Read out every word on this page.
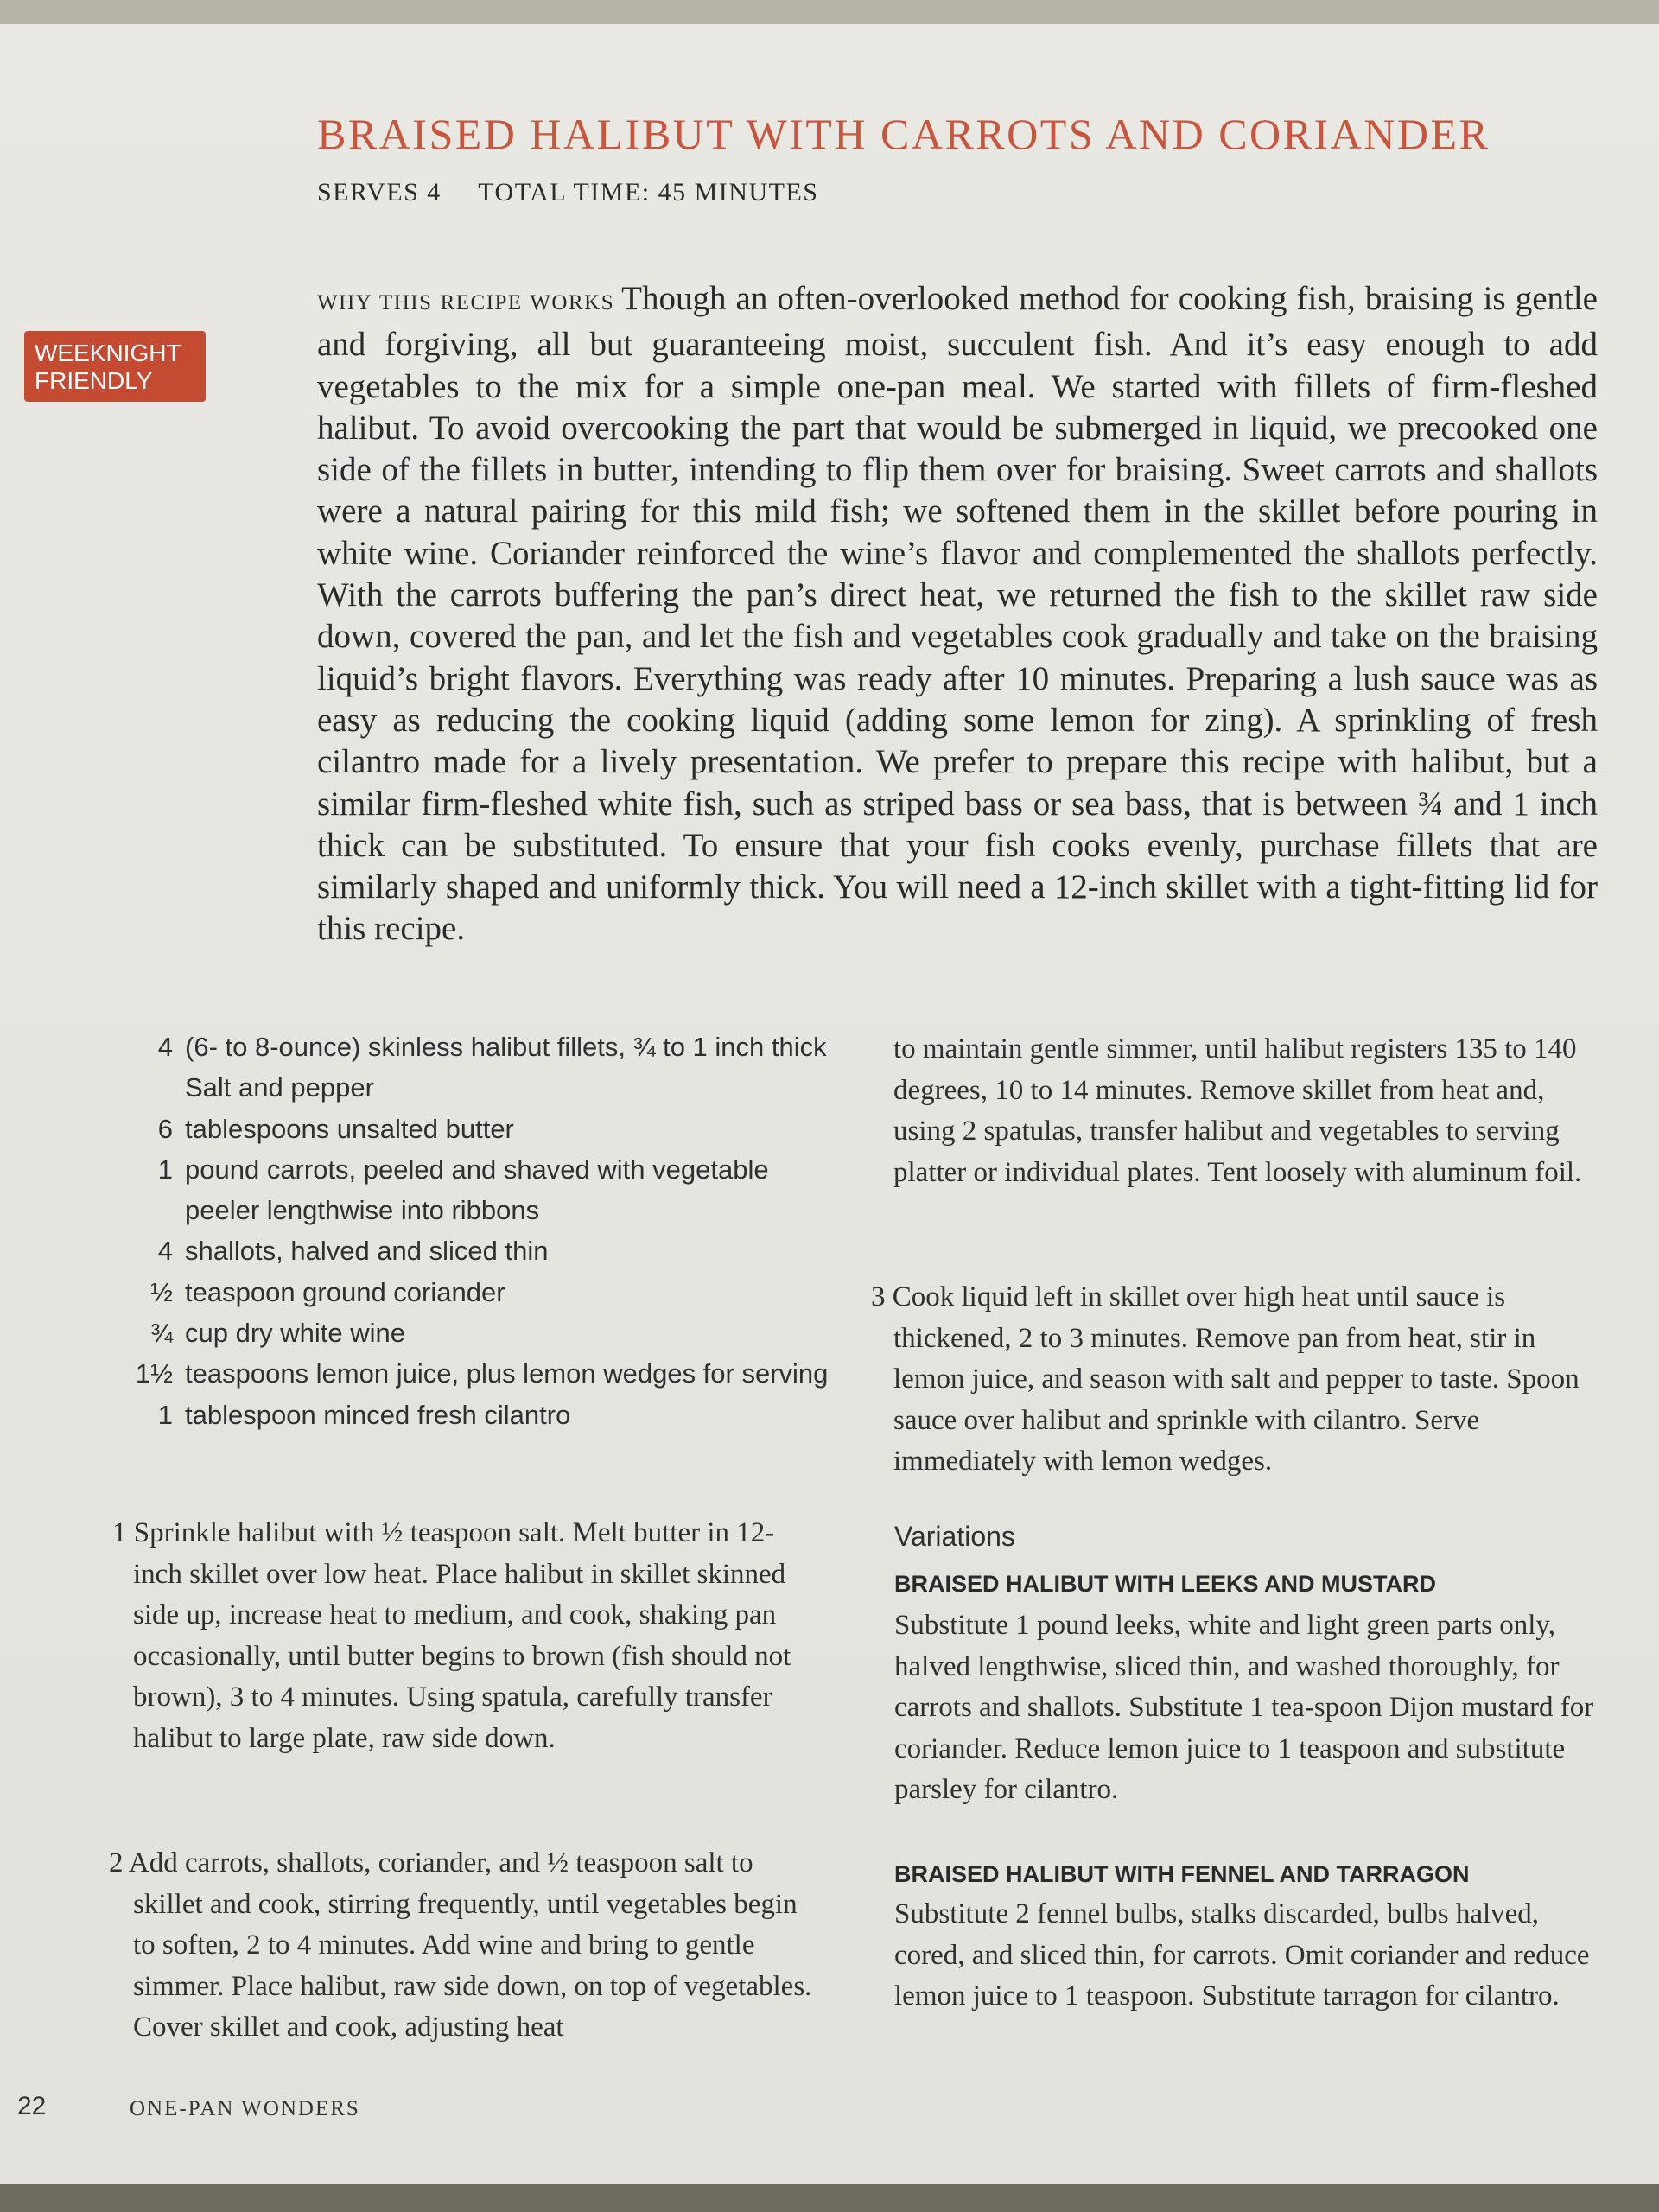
BRAISED HALIBUT WITH CARROTS AND CORIANDER
SERVES 4 TOTAL TIME: 45 MINUTES
WEEKNIGHT
FRIENDLY
WHY THIS RECIPE WORKS Though an often-overlooked method for cooking fish, braising is gentle and forgiving, all but guaranteeing moist, succulent fish. And it’s easy enough to add vegetables to the mix for a simple one-pan meal. We started with fillets of firm-fleshed halibut. To avoid overcooking the part that would be submerged in liquid, we precooked one side of the fillets in butter, intending to flip them over for braising. Sweet carrots and shallots were a natural pairing for this mild fish; we softened them in the skillet before pouring in white wine. Coriander reinforced the wine’s flavor and complemented the shallots perfectly. With the carrots buffering the pan’s direct heat, we returned the fish to the skillet raw side down, covered the pan, and let the fish and vegetables cook gradually and take on the braising liquid’s bright flavors. Everything was ready after 10 minutes. Preparing a lush sauce was as easy as reducing the cooking liquid (adding some lemon for zing). A sprinkling of fresh cilantro made for a lively presentation. We prefer to prepare this recipe with halibut, but a similar firm-fleshed white fish, such as striped bass or sea bass, that is between ¾ and 1 inch thick can be substituted. To ensure that your fish cooks evenly, purchase fillets that are similarly shaped and uniformly thick. You will need a 12-inch skillet with a tight-fitting lid for this recipe.
4 (6- to 8-ounce) skinless halibut fillets, ¾ to 1 inch thick
Salt and pepper
6 tablespoons unsalted butter
1 pound carrots, peeled and shaved with vegetable peeler lengthwise into ribbons
4 shallots, halved and sliced thin
½ teaspoon ground coriander
¾ cup dry white wine
1½ teaspoons lemon juice, plus lemon wedges for serving
1 tablespoon minced fresh cilantro
1 Sprinkle halibut with ½ teaspoon salt. Melt butter in 12-inch skillet over low heat. Place halibut in skillet skinned side up, increase heat to medium, and cook, shaking pan occasionally, until butter begins to brown (fish should not brown), 3 to 4 minutes. Using spatula, carefully transfer halibut to large plate, raw side down.
2 Add carrots, shallots, coriander, and ½ teaspoon salt to skillet and cook, stirring frequently, until vegetables begin to soften, 2 to 4 minutes. Add wine and bring to gentle simmer. Place halibut, raw side down, on top of vegetables. Cover skillet and cook, adjusting heat
to maintain gentle simmer, until halibut registers 135 to 140 degrees, 10 to 14 minutes. Remove skillet from heat and, using 2 spatulas, transfer halibut and vegetables to serving platter or individual plates. Tent loosely with aluminum foil.
3 Cook liquid left in skillet over high heat until sauce is thickened, 2 to 3 minutes. Remove pan from heat, stir in lemon juice, and season with salt and pepper to taste. Spoon sauce over halibut and sprinkle with cilantro. Serve immediately with lemon wedges.
Variations
BRAISED HALIBUT WITH LEEKS AND MUSTARD
Substitute 1 pound leeks, white and light green parts only, halved lengthwise, sliced thin, and washed thoroughly, for carrots and shallots. Substitute 1 tea-spoon Dijon mustard for coriander. Reduce lemon juice to 1 teaspoon and substitute parsley for cilantro.
BRAISED HALIBUT WITH FENNEL AND TARRAGON
Substitute 2 fennel bulbs, stalks discarded, bulbs halved, cored, and sliced thin, for carrots. Omit coriander and reduce lemon juice to 1 teaspoon. Substitute tarragon for cilantro.
22	ONE-PAN WONDERS
